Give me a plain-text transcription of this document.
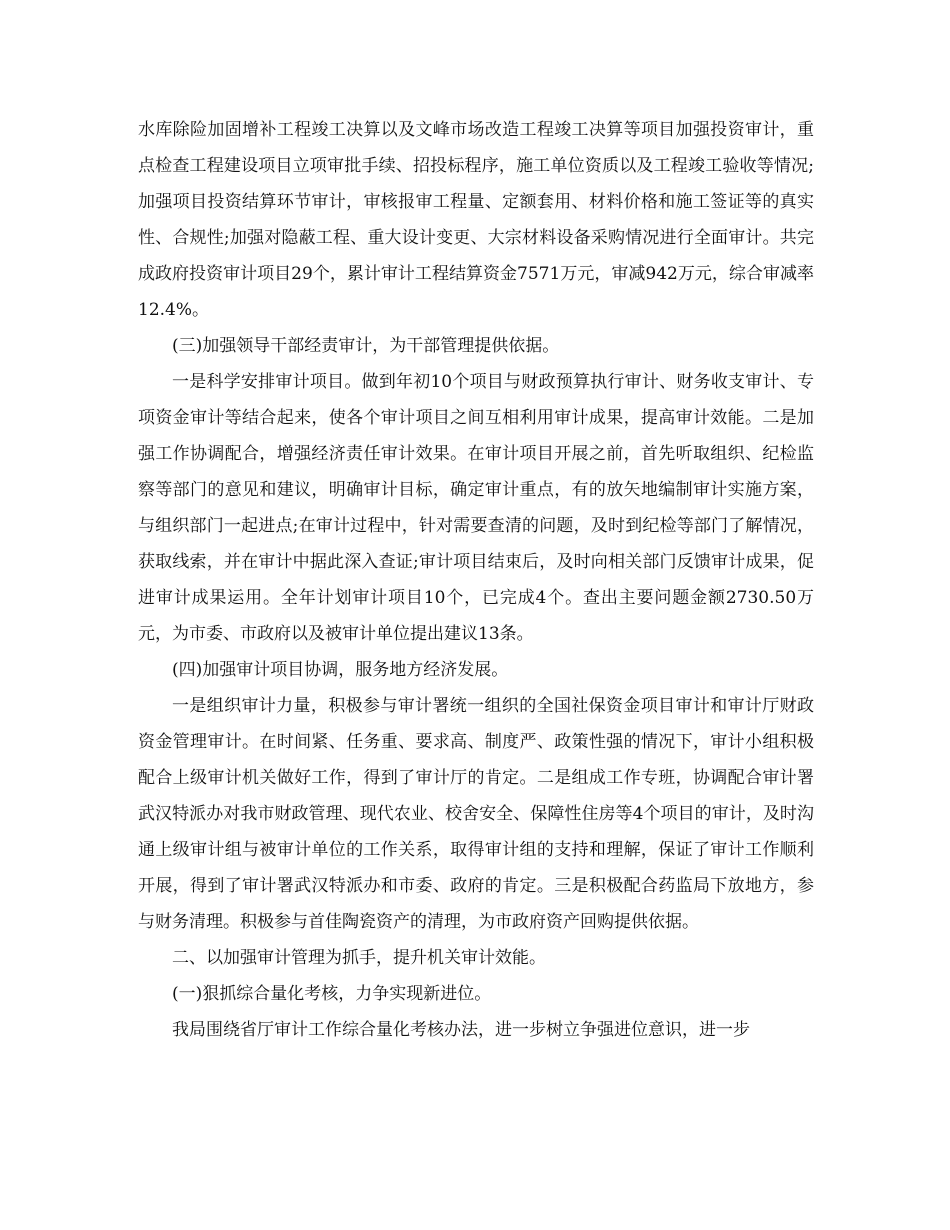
水库除险加固增补工程竣工决算以及文峰市场改造工程竣工决算等项目加强投资审计，重点检查工程建设项目立项审批手续、招投标程序，施工单位资质以及工程竣工验收等情况;加强项目投资结算环节审计，审核报审工程量、定额套用、材料价格和施工签证等的真实性、合规性;加强对隐蔽工程、重大设计变更、大宗材料设备采购情况进行全面审计。共完成政府投资审计项目29个，累计审计工程结算资金7571万元，审减942万元，综合审减率12.4%。

(三)加强领导干部经责审计，为干部管理提供依据。

一是科学安排审计项目。做到年初10个项目与财政预算执行审计、财务收支审计、专项资金审计等结合起来，使各个审计项目之间互相利用审计成果，提高审计效能。二是加强工作协调配合，增强经济责任审计效果。在审计项目开展之前，首先听取组织、纪检监察等部门的意见和建议，明确审计目标，确定审计重点，有的放矢地编制审计实施方案，与组织部门一起进点;在审计过程中，针对需要查清的问题，及时到纪检等部门了解情况，获取线索，并在审计中据此深入查证;审计项目结束后，及时向相关部门反馈审计成果，促进审计成果运用。全年计划审计项目10个，已完成4个。查出主要问题金额2730.50万元，为市委、市政府以及被审计单位提出建议13条。

(四)加强审计项目协调，服务地方经济发展。

一是组织审计力量，积极参与审计署统一组织的全国社保资金项目审计和审计厅财政资金管理审计。在时间紧、任务重、要求高、制度严、政策性强的情况下，审计小组积极配合上级审计机关做好工作，得到了审计厅的肯定。二是组成工作专班，协调配合审计署武汉特派办对我市财政管理、现代农业、校舍安全、保障性住房等4个项目的审计，及时沟通上级审计组与被审计单位的工作关系，取得审计组的支持和理解，保证了审计工作顺利开展，得到了审计署武汉特派办和市委、政府的肯定。三是积极配合药监局下放地方，参与财务清理。积极参与首佳陶瓷资产的清理，为市政府资产回购提供依据。

二、以加强审计管理为抓手，提升机关审计效能。

(一)狠抓综合量化考核，力争实现新进位。

我局围绕省厅审计工作综合量化考核办法，进一步树立争强进位意识，进一步
